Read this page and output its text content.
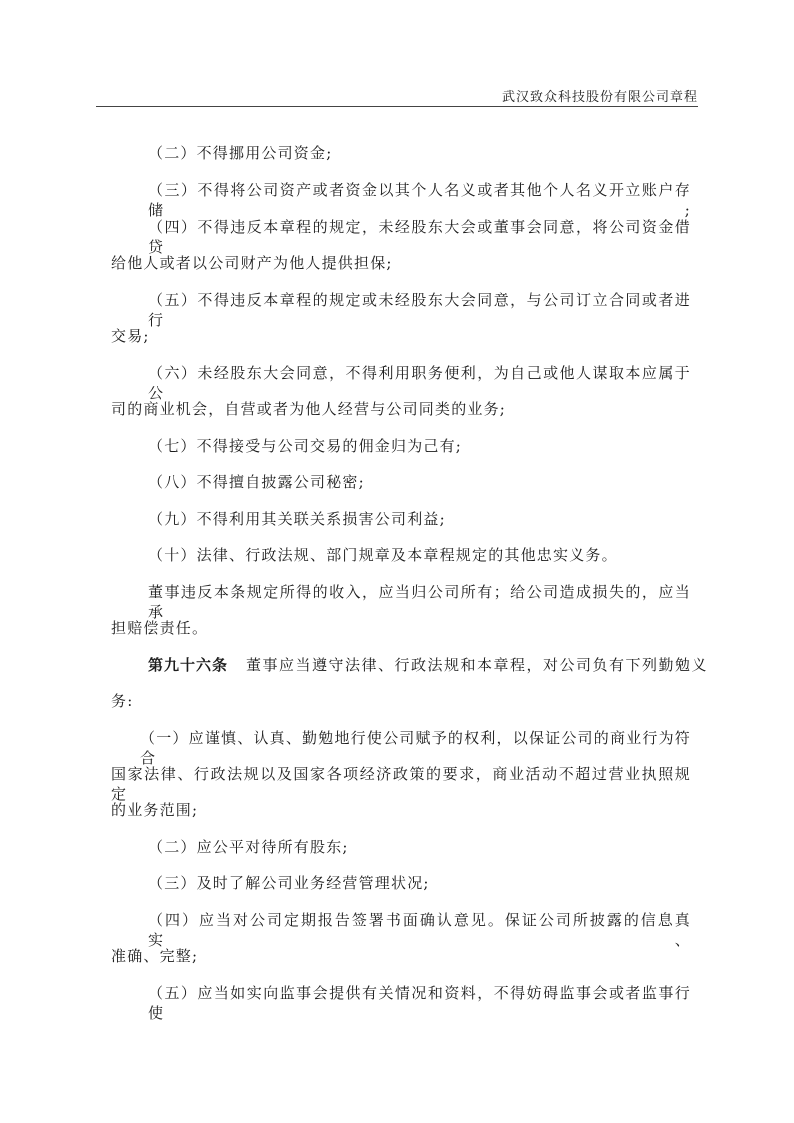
武汉致众科技股份有限公司章程
（二）不得挪用公司资金;
（三）不得将公司资产或者资金以其个人名义或者其他个人名义开立账户存储;
（四）不得违反本章程的规定，未经股东大会或董事会同意，将公司资金借贷
给他人或者以公司财产为他人提供担保;
（五）不得违反本章程的规定或未经股东大会同意，与公司订立合同或者进行
交易;
（六）未经股东大会同意，不得利用职务便利，为自己或他人谋取本应属于公
司的商业机会，自营或者为他人经营与公司同类的业务;
（七）不得接受与公司交易的佣金归为己有;
（八）不得擅自披露公司秘密;
（九）不得利用其关联关系损害公司利益;
（十）法律、行政法规、部门规章及本章程规定的其他忠实义务。
董事违反本条规定所得的收入，应当归公司所有；给公司造成损失的，应当承
担赔偿责任。
第九十六条   董事应当遵守法律、行政法规和本章程，对公司负有下列勤勉义
务:
（一）应谨慎、认真、勤勉地行使公司赋予的权利，以保证公司的商业行为符合
国家法律、行政法规以及国家各项经济政策的要求，商业活动不超过营业执照规定
的业务范围;
（二）应公平对待所有股东;
（三）及时了解公司业务经营管理状况;
（四）应当对公司定期报告签署书面确认意见。保证公司所披露的信息真实、
准确、完整;
（五）应当如实向监事会提供有关情况和资料，不得妨碍监事会或者监事行使
